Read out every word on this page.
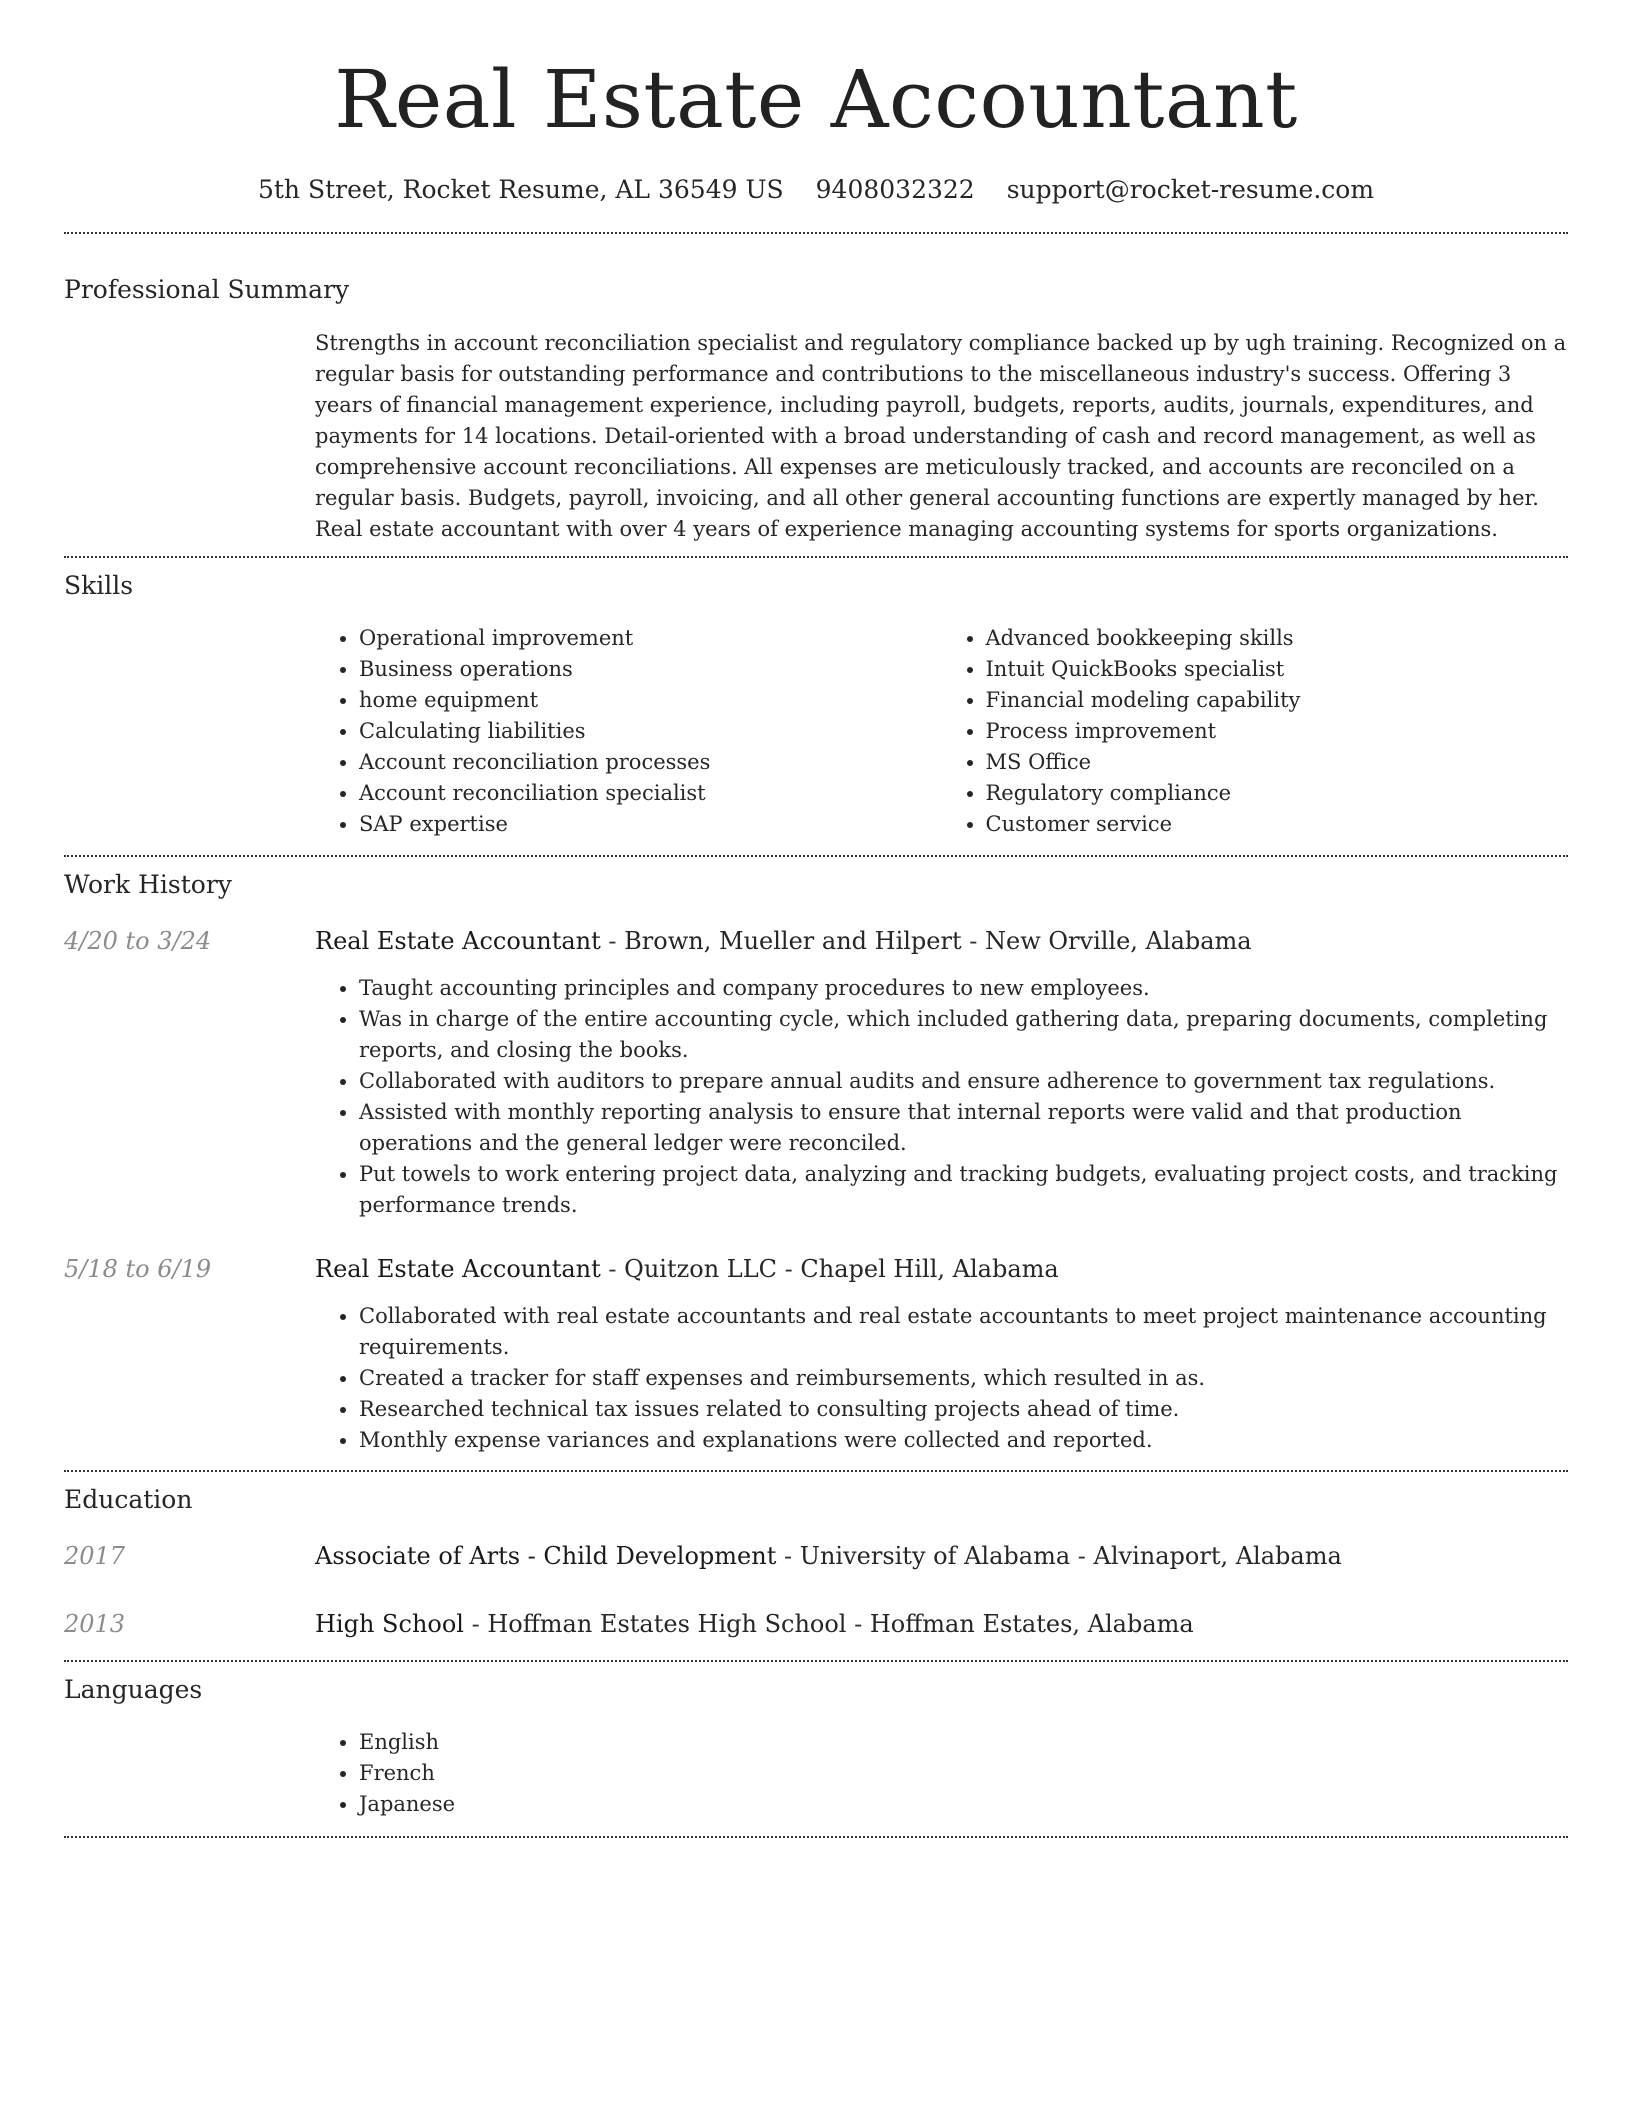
Real Estate Accountant
5th Street, Rocket Resume, AL 36549 US 9408032322 support@rocket-resume.com
Professional Summary

Strengths in account reconciliation specialist and regulatory compliance backed up by ugh training. Recognized on a regular basis for outstanding performance and contributions to the miscellaneous industry's success. Offering 3 years of financial management experience, including payroll, budgets, reports, audits, journals, expenditures, and payments for 14 locations. Detail-oriented with a broad understanding of cash and record management, as well as comprehensive account reconciliations. All expenses are meticulously tracked, and accounts are reconciled on a regular basis. Budgets, payroll, invoicing, and all other general accounting functions are expertly managed by her. Real estate accountant with over 4 years of experience managing accounting systems for sports organizations.

Skills
• Operational improvement
• Business operations
• home equipment
• Calculating liabilities
• Account reconciliation processes
• Account reconciliation specialist
• SAP expertise
• Advanced bookkeeping skills
• Intuit QuickBooks specialist
• Financial modeling capability
• Process improvement
• MS Office
• Regulatory compliance
• Customer service
Work History
4/20 to 3/24	Real Estate Accountant - Brown, Mueller and Hilpert - New Orville, Alabama
• Taught accounting principles and company procedures to new employees.
• Was in charge of the entire accounting cycle, which included gathering data, preparing documents, completing reports, and closing the books.
• Collaborated with auditors to prepare annual audits and ensure adherence to government tax regulations.
• Assisted with monthly reporting analysis to ensure that internal reports were valid and that production operations and the general ledger were reconciled.
• Put towels to work entering project data, analyzing and tracking budgets, evaluating project costs, and tracking performance trends.
5/18 to 6/19	Real Estate Accountant - Quitzon LLC - Chapel Hill, Alabama
• Collaborated with real estate accountants and real estate accountants to meet project maintenance accounting requirements.
• Created a tracker for staff expenses and reimbursements, which resulted in as.
• Researched technical tax issues related to consulting projects ahead of time.
• Monthly expense variances and explanations were collected and reported.
Education
2017	Associate of Arts - Child Development - University of Alabama - Alvinaport, Alabama
2013	High School - Hoffman Estates High School - Hoffman Estates, Alabama
Languages
• English
• French
• Japanese
